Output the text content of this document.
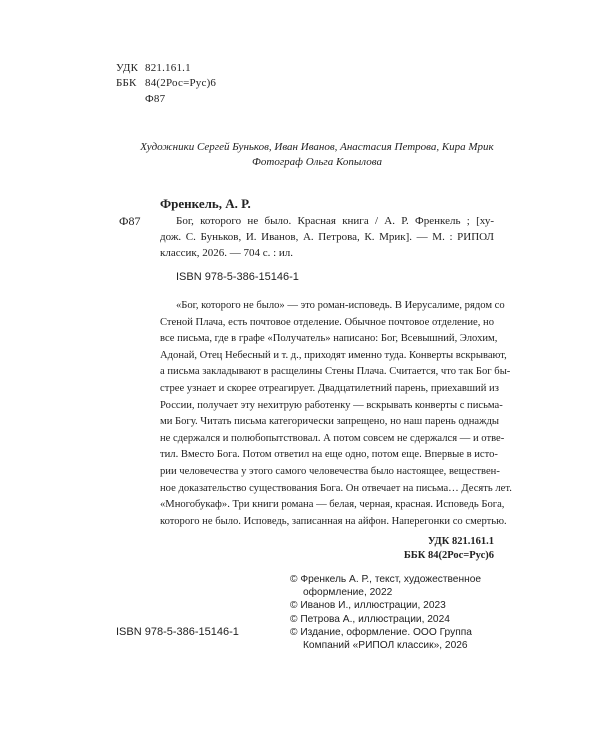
УДК 821.161.1
ББК 84(2Рос=Рус)6
Ф87
Художники Сергей Буньков, Иван Иванов, Анастасия Петрова, Кира Мрик
Фотограф Ольга Копылова
Френкель, А. Р.
Ф87	Бог, которого не было. Красная книга / А. Р. Френкель ; [ху-
дож. С. Буньков, И. Иванов, А. Петрова, К. Мрик]. — М. : РИПОЛ
классик, 2026. — 704 с. : ил.
ISBN 978-5-386-15146-1
«Бог, которого не было» — это роман-исповедь. В Иерусалиме, рядом со
Стеной Плача, есть почтовое отделение. Обычное почтовое отделение, но
все письма, где в графе «Получатель» написано: Бог, Всевышний, Элохим,
Адонай, Отец Небесный и т. д., приходят именно туда. Конверты вскрывают,
а письма закладывают в расщелины Стены Плача. Считается, что так Бог бы-
стрее узнает и скорее отреагирует. Двадцатилетний парень, приехавший из
России, получает эту нехитрую работенку — вскрывать конверты с письма-
ми Богу. Читать письма категорически запрещено, но наш парень однажды
не сдержался и полюбопытствовал. А потом совсем не сдержался — и отве-
тил. Вместо Бога. Потом ответил на еще одно, потом еще. Впервые в исто-
рии человечества у этого самого человечества было настоящее, веществен-
ное доказательство существования Бога. Он отвечает на письма… Десять лет.
«Многобукаф». Три книги романа — белая, черная, красная. Исповедь Бога,
которого не было. Исповедь, записанная на айфон. Наперегонки со смертью.
УДК 821.161.1
ББК 84(2Рос=Рус)6
© Френкель А. Р., текст, художественное
оформление, 2022
© Иванов И., иллюстрации, 2023
© Петрова А., иллюстрации, 2024
© Издание, оформление. ООО Группа
Компаний «РИПОЛ классик», 2026
ISBN 978-5-386-15146-1
